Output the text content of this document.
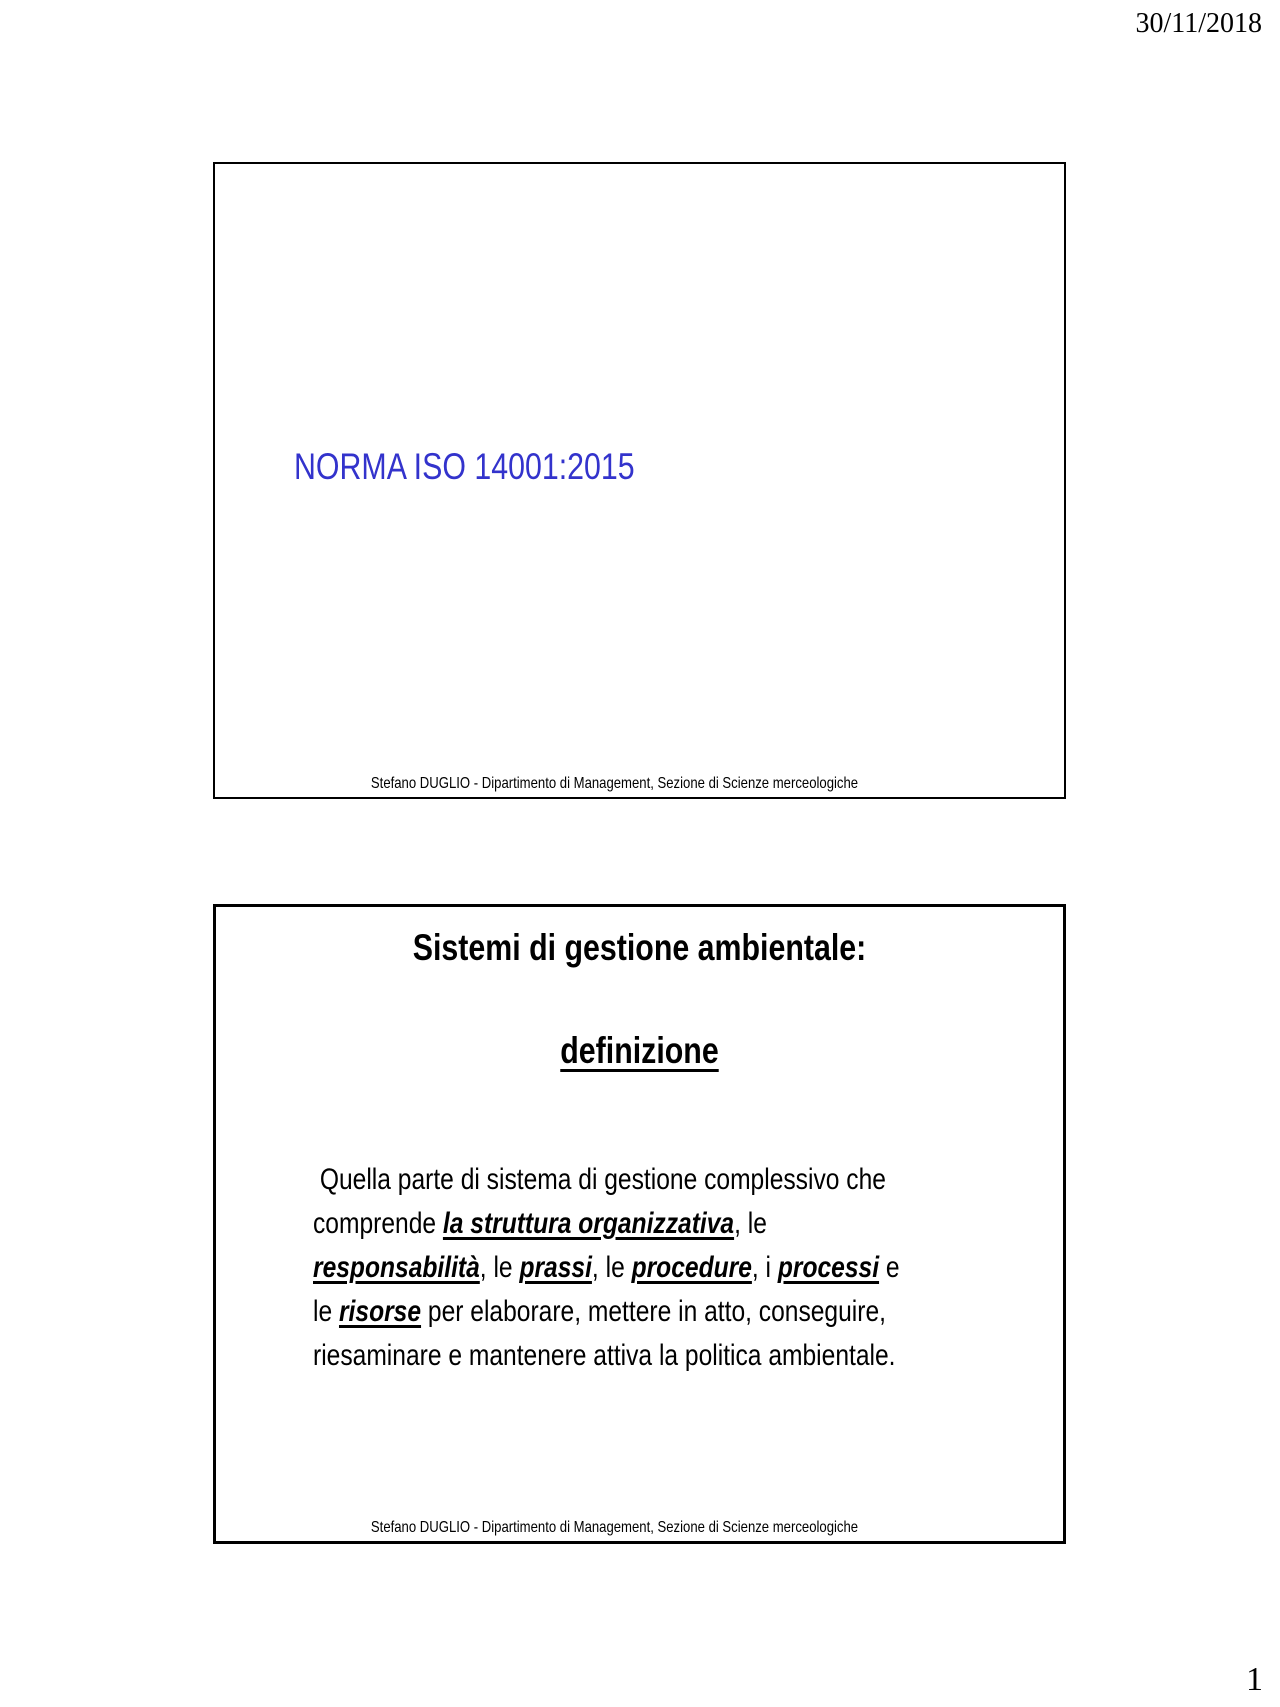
30/11/2018
NORMA ISO 14001:2015
Stefano DUGLIO - Dipartimento di Management, Sezione di Scienze merceologiche
Sistemi di gestione ambientale:
definizione

Quella parte di sistema di gestione complessivo che comprende la struttura organizzativa, le responsabilità, le prassi, le procedure, i processi e le risorse per elaborare, mettere in atto, conseguire, riesaminare e mantenere attiva la politica ambientale.

Stefano DUGLIO - Dipartimento di Management, Sezione di Scienze merceologiche
1
